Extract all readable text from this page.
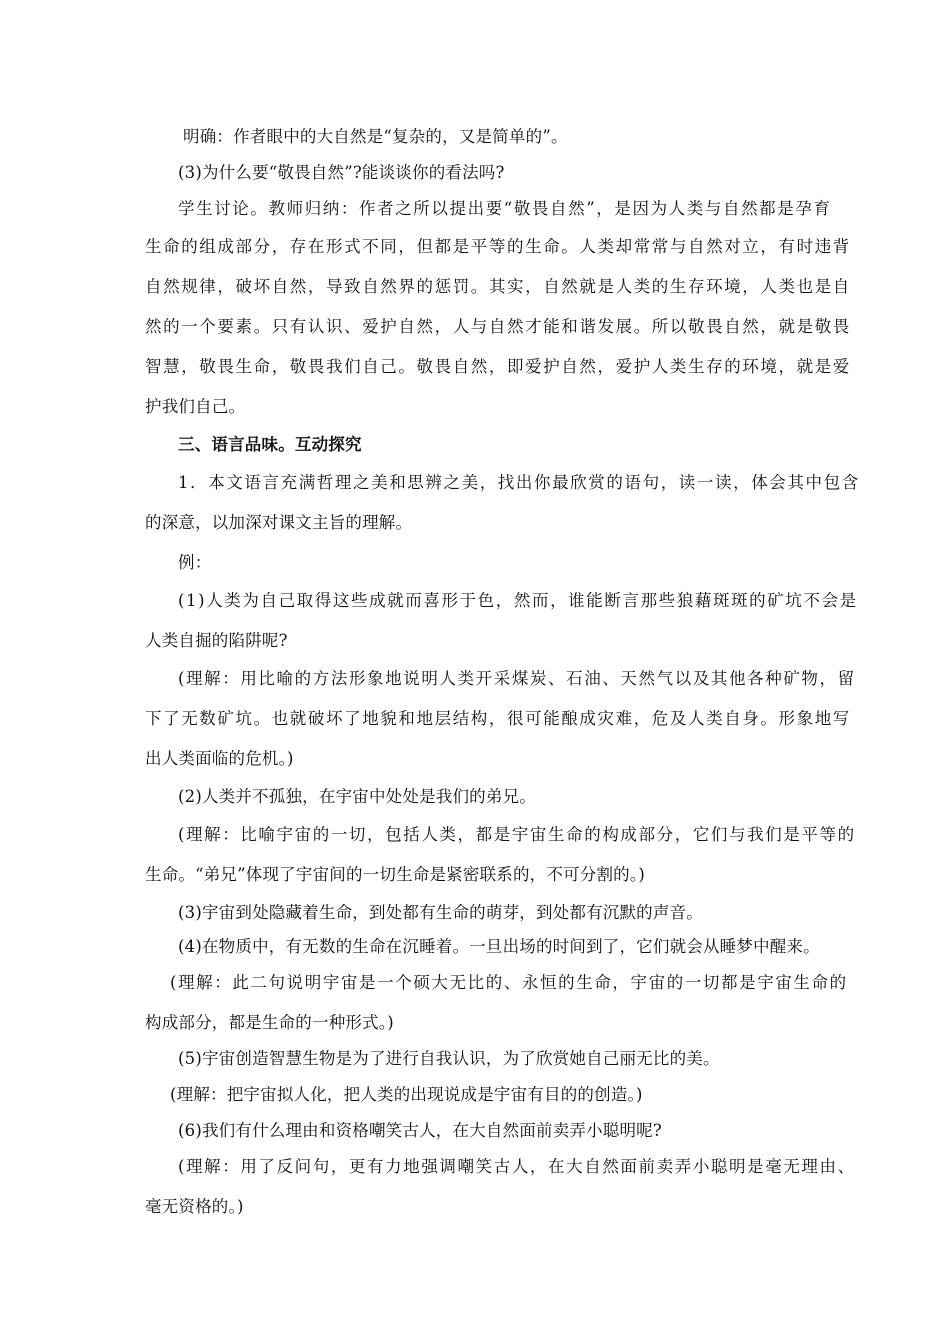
明确：作者眼中的大自然是“复杂的，又是简单的”。
(3)为什么要“敬畏自然”?能谈谈你的看法吗?
学生讨论。教师归纳：作者之所以提出要“敬畏自然”，是因为人类与自然都是孕育
生命的组成部分，存在形式不同，但都是平等的生命。人类却常常与自然对立，有时违背
自然规律，破坏自然，导致自然界的惩罚。其实，自然就是人类的生存环境，人类也是自
然的一个要素。只有认识、爱护自然，人与自然才能和谐发展。所以敬畏自然，就是敬畏
智慧，敬畏生命，敬畏我们自己。敬畏自然，即爱护自然，爱护人类生存的环境，就是爱
护我们自己。
三、语言品味。互动探究
1．本文语言充满哲理之美和思辨之美，找出你最欣赏的语句，读一读，体会其中包含
的深意，以加深对课文主旨的理解。
例：
(1)人类为自己取得这些成就而喜形于色，然而，谁能断言那些狼藉斑斑的矿坑不会是
人类自掘的陷阱呢?
(理解：用比喻的方法形象地说明人类开采煤炭、石油、天然气以及其他各种矿物，留
下了无数矿坑。也就破坏了地貌和地层结构，很可能酿成灾难，危及人类自身。形象地写
出人类面临的危机。)
(2)人类并不孤独，在宇宙中处处是我们的弟兄。
(理解：比喻宇宙的一切，包括人类，都是宇宙生命的构成部分，它们与我们是平等的
生命。“弟兄”体现了宇宙间的一切生命是紧密联系的，不可分割的。)
(3)宇宙到处隐藏着生命，到处都有生命的萌芽，到处都有沉默的声音。
(4)在物质中，有无数的生命在沉睡着。一旦出场的时间到了，它们就会从睡梦中醒来。
(理解：此二句说明宇宙是一个硕大无比的、永恒的生命，宇宙的一切都是宇宙生命的
构成部分，都是生命的一种形式。)
(5)宇宙创造智慧生物是为了进行自我认识，为了欣赏她自己丽无比的美。
(理解：把宇宙拟人化，把人类的出现说成是宇宙有目的的创造。)
(6)我们有什么理由和资格嘲笑古人，在大自然面前卖弄小聪明呢?
(理解：用了反问句，更有力地强调嘲笑古人，在大自然面前卖弄小聪明是毫无理由、
毫无资格的。)
